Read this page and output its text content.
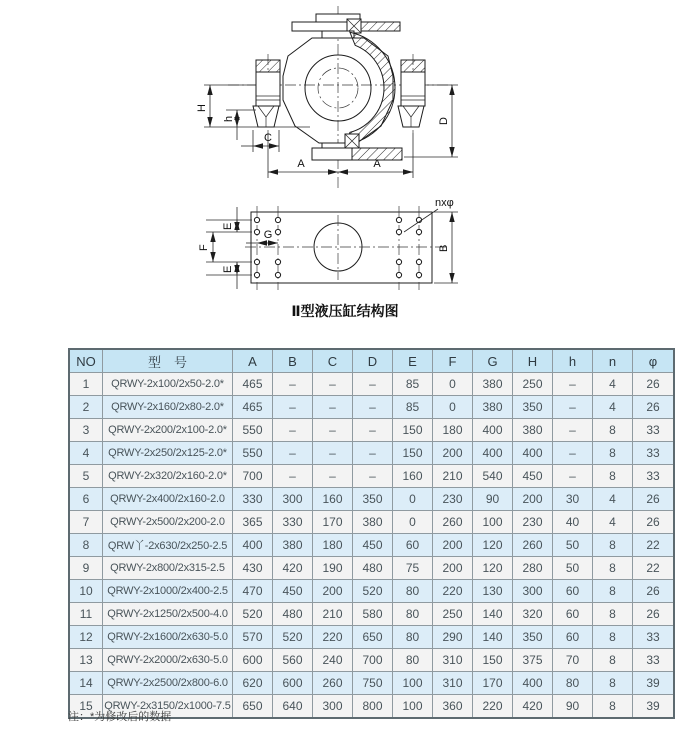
H
h
C
D
A	A
E
F
E
G
B
nxφ
Ⅱ型液压缸结构图
NO	型　号	A	B	C	D	E	F	G	H	h	n	φ
1	QRWY-2x100/2x50-2.0*	465	–	–	–	85	0	380	250	–	4	26
2	QRWY-2x160/2x80-2.0*	465	–	–	–	85	0	380	350	–	4	26
3	QRWY-2x200/2x100-2.0*	550	–	–	–	150	180	400	380	–	8	33
4	QRWY-2x250/2x125-2.0*	550	–	–	–	150	200	400	400	–	8	33
5	QRWY-2x320/2x160-2.0*	700	–	–	–	160	210	540	450	–	8	33
6	QRWY-2x400/2x160-2.0	330	300	160	350	0	230	90	200	30	4	26
7	QRWY-2x500/2x200-2.0	365	330	170	380	0	260	100	230	40	4	26
8	QRW丫-2x630/2x250-2.5	400	380	180	450	60	200	120	260	50	8	22
9	QRWY-2x800/2x315-2.5	430	420	190	480	75	200	120	280	50	8	22
10	QRWY-2x1000/2x400-2.5	470	450	200	520	80	220	130	300	60	8	26
11	QRWY-2x1250/2x500-4.0	520	480	210	580	80	250	140	320	60	8	26
12	QRWY-2x1600/2x630-5.0	570	520	220	650	80	290	140	350	60	8	33
13	QRWY-2x2000/2x630-5.0	600	560	240	700	80	310	150	375	70	8	33
14	QRWY-2x2500/2x800-6.0	620	600	260	750	100	310	170	400	80	8	39
15	QRWY-2x3150/2x1000-7.5	650	640	300	800	100	360	220	420	90	8	39
注：*为修改后的数据
